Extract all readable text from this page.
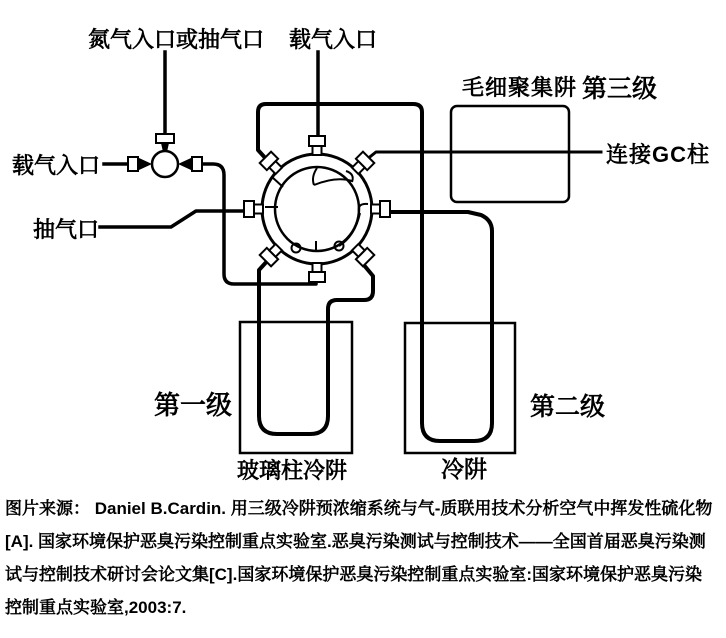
氮气入口或抽气口 载气入口
载气入口
抽气口
毛细聚集阱 第三级
连接GC柱
第一级	第二级
玻璃柱冷阱	冷阱
图片来源： Daniel B.Cardin. 用三级冷阱预浓缩系统与气-质联用技术分析空气中挥发性硫化物
[A]. 国家环境保护恶臭污染控制重点实验室.恶臭污染测试与控制技术——全国首届恶臭污染测
试与控制技术研讨会论文集[C].国家环境保护恶臭污染控制重点实验室:国家环境保护恶臭污染
控制重点实验室,2003:7.
